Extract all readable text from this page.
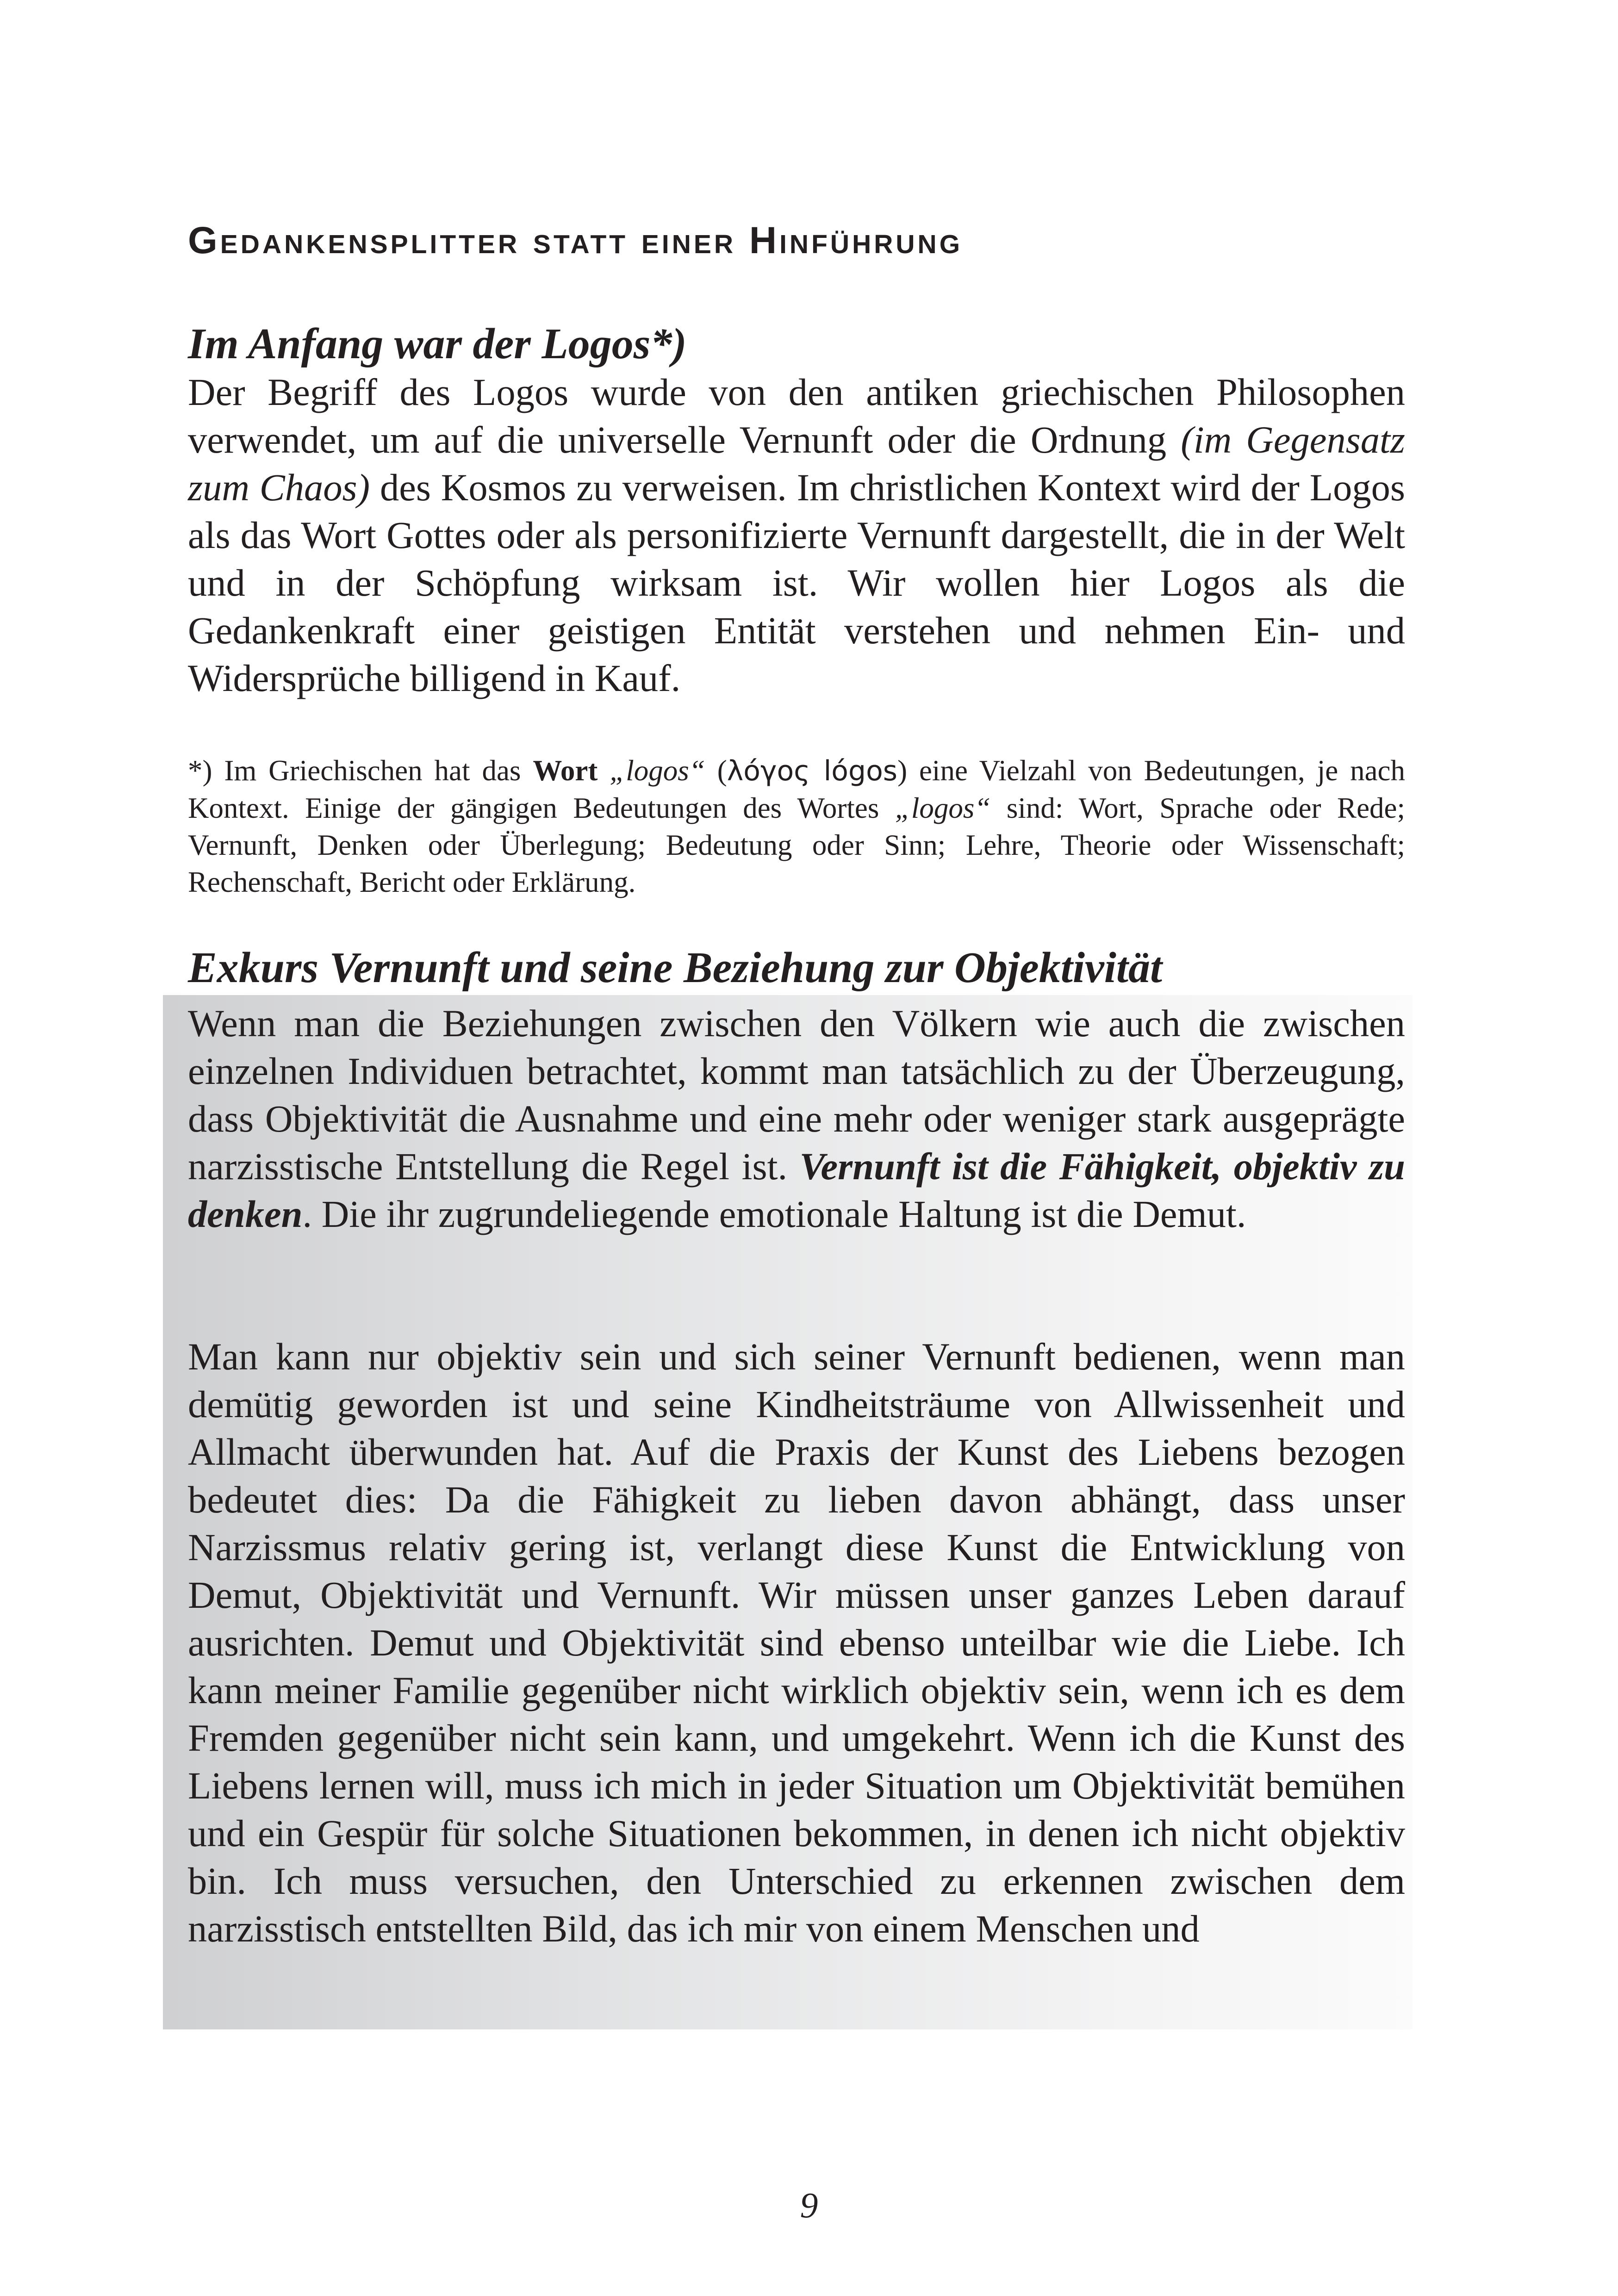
Gedankensplitter statt einer Hinführung
Im Anfang war der Logos*)

Der Begriff des Logos wurde von den antiken griechischen Philosophen verwendet, um auf die universelle Vernunft oder die Ordnung (im Gegensatz zum Chaos) des Kosmos zu verweisen. Im christlichen Kontext wird der Logos als das Wort Gottes oder als personifizierte Vernunft dargestellt, die in der Welt und in der Schöpfung wirksam ist. Wir wollen hier Logos als die Gedankenkraft einer geistigen Entität verstehen und nehmen Ein- und Widersprüche billigend in Kauf.

*) Im Griechischen hat das Wort „logos“ (λόγος lógos) eine Vielzahl von Bedeutungen, je nach Kontext. Einige der gängigen Bedeutungen des Wortes „logos“ sind: Wort, Sprache oder Rede; Vernunft, Denken oder Überlegung; Bedeutung oder Sinn; Lehre, Theorie oder Wissenschaft; Rechenschaft, Bericht oder Erklärung.

Exkurs Vernunft und seine Beziehung zur Objektivität

Wenn man die Beziehungen zwischen den Völkern wie auch die zwischen einzelnen Individuen betrachtet, kommt man tatsächlich zu der Überzeugung, dass Objektivität die Ausnahme und eine mehr oder weniger stark ausgeprägte narzisstische Entstellung die Regel ist. Vernunft ist die Fähigkeit, objektiv zu denken. Die ihr zugrundeliegende emotionale Haltung ist die Demut.

Man kann nur objektiv sein und sich seiner Vernunft bedienen, wenn man demütig geworden ist und seine Kindheitsträume von Allwissenheit und Allmacht überwunden hat. Auf die Praxis der Kunst des Liebens bezogen bedeutet dies: Da die Fähigkeit zu lieben davon abhängt, dass unser Narzissmus relativ gering ist, verlangt diese Kunst die Entwicklung von Demut, Objektivität und Vernunft. Wir müssen unser ganzes Leben darauf ausrichten. Demut und Objektivität sind ebenso unteilbar wie die Liebe. Ich kann meiner Familie gegenüber nicht wirklich objektiv sein, wenn ich es dem Fremden gegenüber nicht sein kann, und umgekehrt. Wenn ich die Kunst des Liebens lernen will, muss ich mich in jeder Situation um Objektivität bemühen und ein Gespür für solche Situationen bekommen, in denen ich nicht objektiv bin. Ich muss versuchen, den Unterschied zu erkennen zwischen dem narzisstisch entstellten Bild, das ich mir von einem Menschen und

9
